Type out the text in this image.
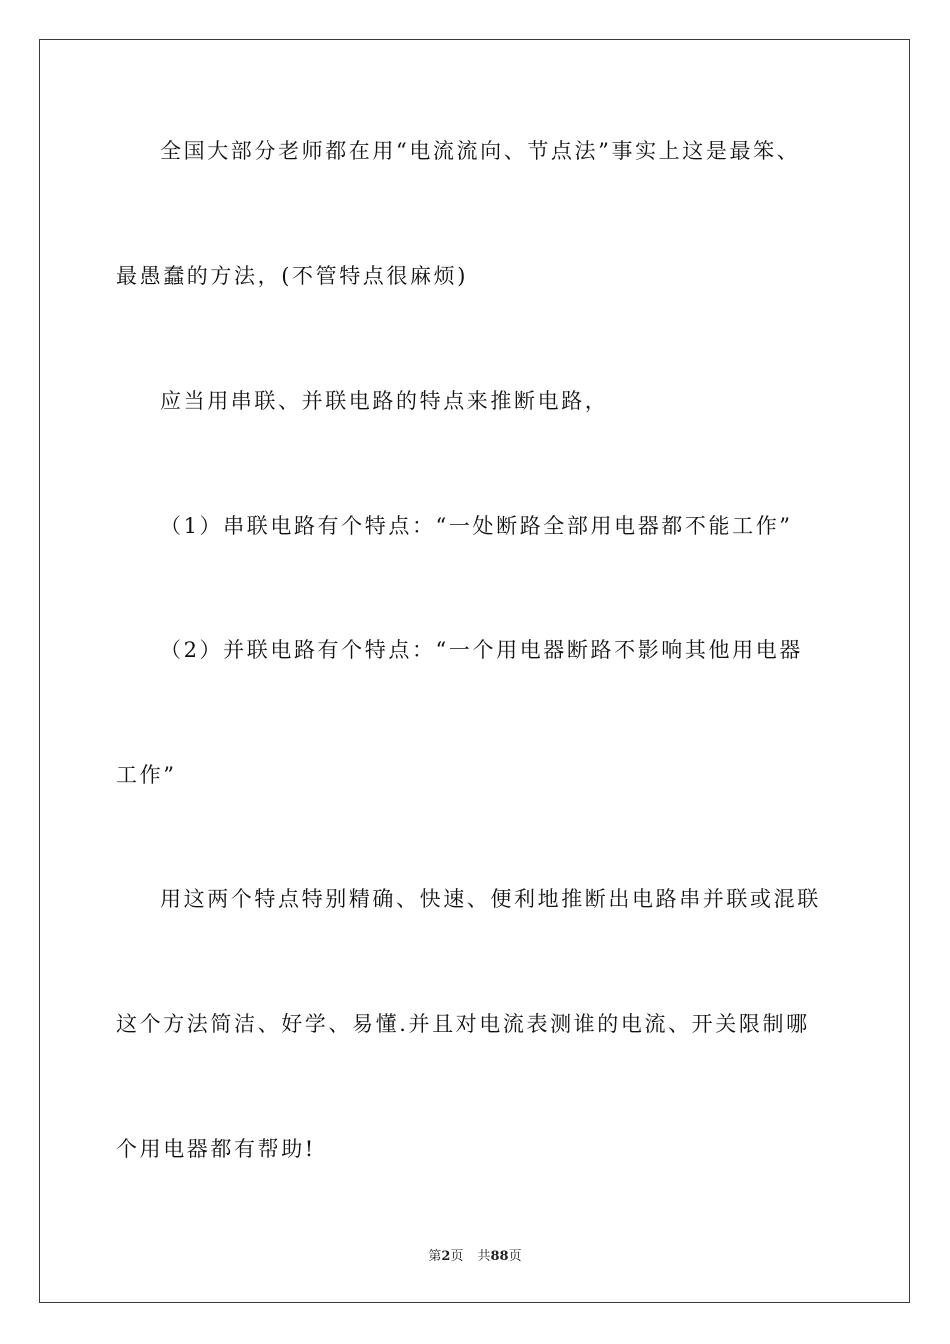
全国大部分老师都在用“电流流向、节点法”事实上这是最笨、
最愚蠢的方法，(不管特点很麻烦)
应当用串联、并联电路的特点来推断电路，
（1）串联电路有个特点：“一处断路全部用电器都不能工作”
（2）并联电路有个特点：“一个用电器断路不影响其他用电器
工作”
用这两个特点特别精确、快速、便利地推断出电路串并联或混联
这个方法简洁、好学、易懂.并且对电流表测谁的电流、开关限制哪
个用电器都有帮助!
第2页 共88页
